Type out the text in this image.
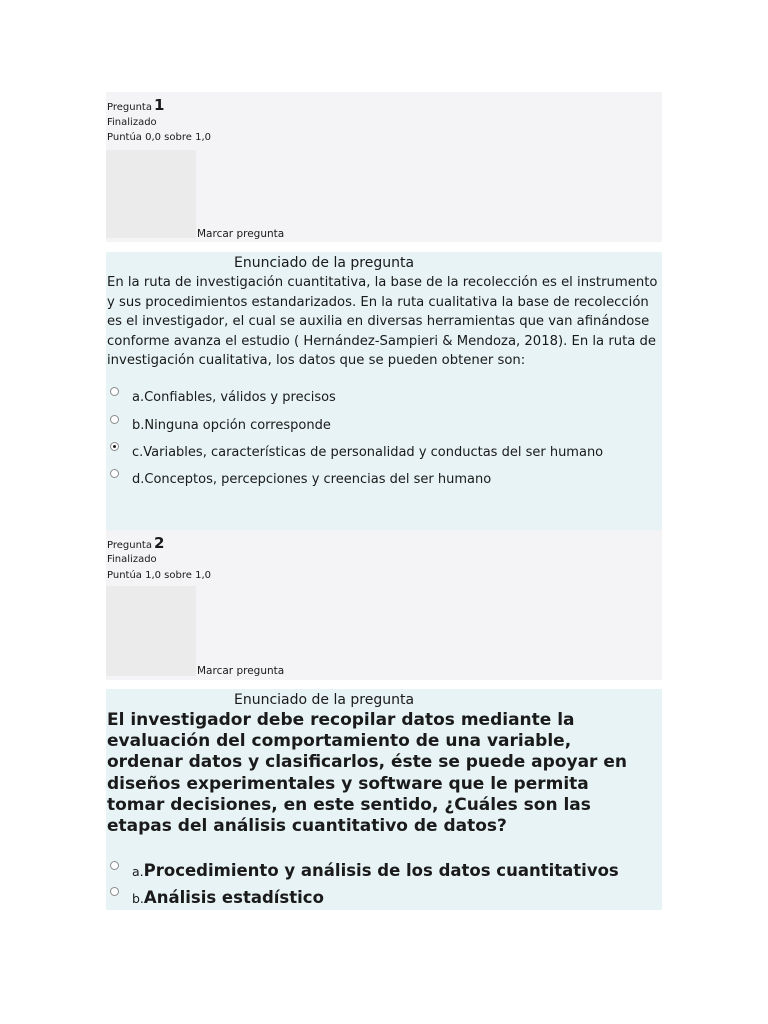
Pregunta 1
Finalizado
Puntúa 0,0 sobre 1,0
Marcar pregunta
Enunciado de la pregunta
En la ruta de investigación cuantitativa, la base de la recolección es el instrumento y sus procedimientos estandarizados. En la ruta cualitativa la base de recolección es el investigador, el cual se auxilia en diversas herramientas que van afinándose conforme avanza el estudio ( Hernández-Sampieri & Mendoza, 2018). En la ruta de investigación cualitativa, los datos que se pueden obtener son:
a.Confiables, válidos y precisos
b.Ninguna opción corresponde
c.Variables, características de personalidad y conductas del ser humano
d.Conceptos, percepciones y creencias del ser humano
Pregunta 2
Finalizado
Puntúa 1,0 sobre 1,0
Marcar pregunta
Enunciado de la pregunta
El investigador debe recopilar datos mediante la evaluación del comportamiento de una variable, ordenar datos y clasificarlos, éste se puede apoyar en diseños experimentales y software que le permita tomar decisiones, en este sentido, ¿Cuáles son las etapas del análisis cuantitativo de datos?
a.Procedimiento y análisis de los datos cuantitativos
b.Análisis estadístico
